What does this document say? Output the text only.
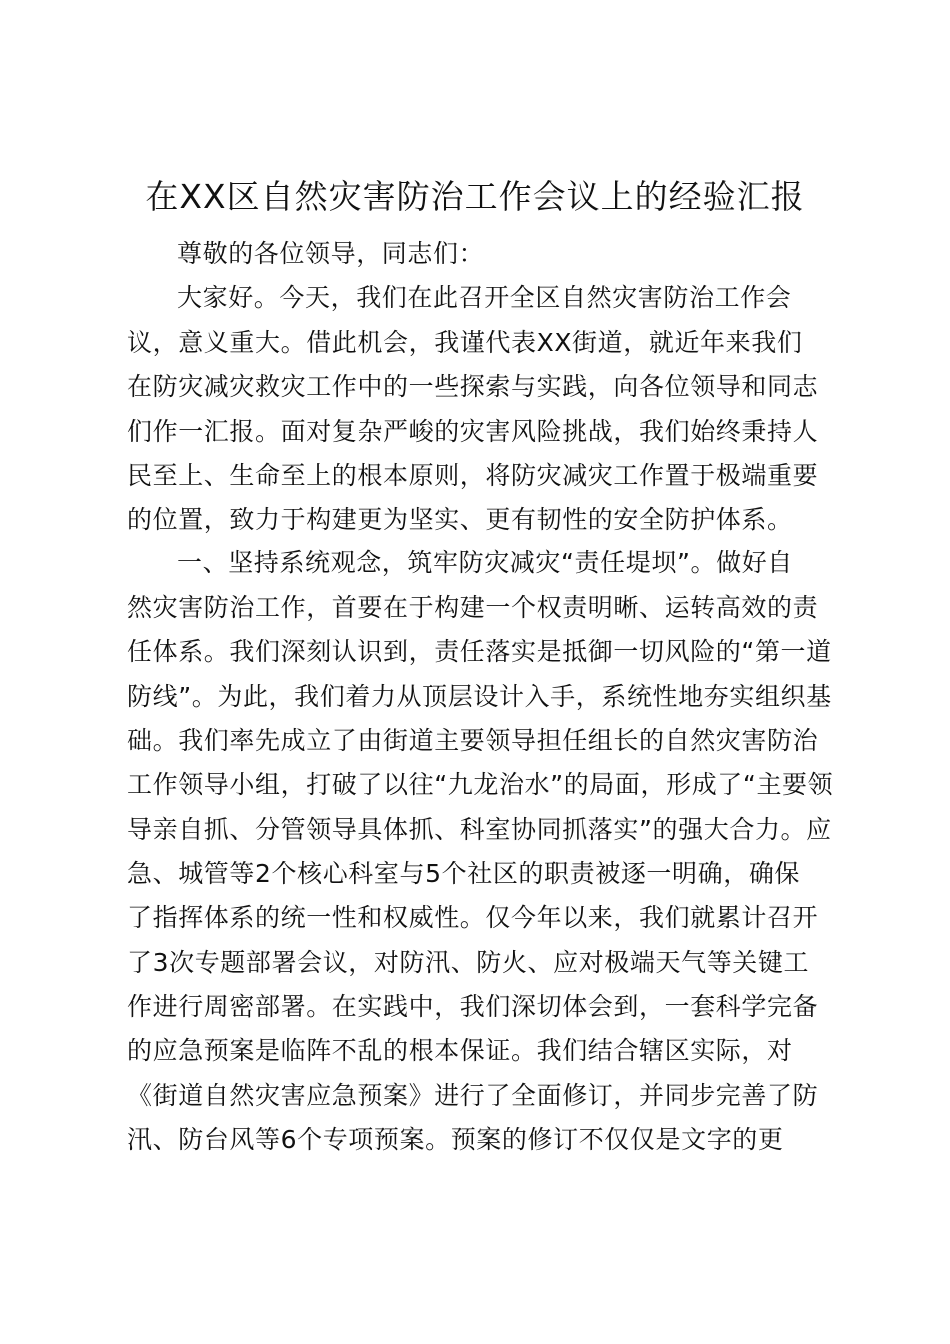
在XX区自然灾害防治工作会议上的经验汇报
尊敬的各位领导，同志们：
大家好。今天，我们在此召开全区自然灾害防治工作会
议，意义重大。借此机会，我谨代表XX街道，就近年来我们
在防灾减灾救灾工作中的一些探索与实践，向各位领导和同志
们作一汇报。面对复杂严峻的灾害风险挑战，我们始终秉持人
民至上、生命至上的根本原则，将防灾减灾工作置于极端重要
的位置，致力于构建更为坚实、更有韧性的安全防护体系。
一、坚持系统观念，筑牢防灾减灾“责任堤坝”。做好自
然灾害防治工作，首要在于构建一个权责明晰、运转高效的责
任体系。我们深刻认识到，责任落实是抵御一切风险的“第一道
防线”。为此，我们着力从顶层设计入手，系统性地夯实组织基
础。我们率先成立了由街道主要领导担任组长的自然灾害防治
工作领导小组，打破了以往“九龙治水”的局面，形成了“主要领
导亲自抓、分管领导具体抓、科室协同抓落实”的强大合力。应
急、城管等2个核心科室与5个社区的职责被逐一明确，确保
了指挥体系的统一性和权威性。仅今年以来，我们就累计召开
了3次专题部署会议，对防汛、防火、应对极端天气等关键工
作进行周密部署。在实践中，我们深切体会到，一套科学完备
的应急预案是临阵不乱的根本保证。我们结合辖区实际，对
《街道自然灾害应急预案》进行了全面修订，并同步完善了防
汛、防台风等6个专项预案。预案的修订不仅仅是文字的更
